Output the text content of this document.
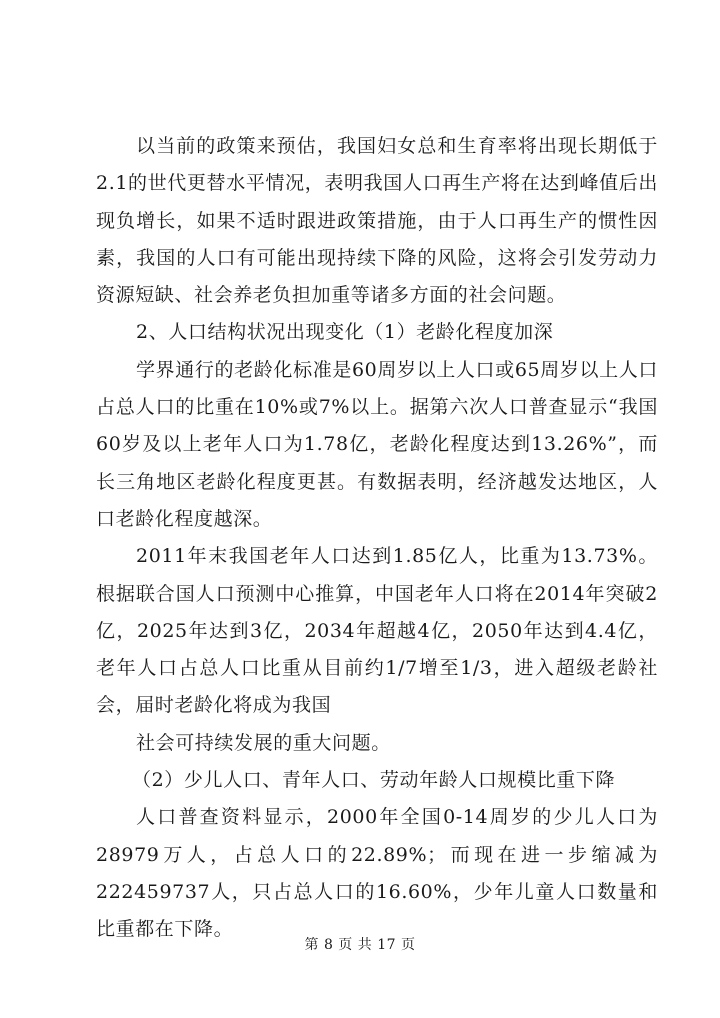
以当前的政策来预估，我国妇女总和生育率将出现长期低于2.1的世代更替水平情况，表明我国人口再生产将在达到峰值后出现负增长，如果不适时跟进政策措施，由于人口再生产的惯性因素，我国的人口有可能出现持续下降的风险，这将会引发劳动力资源短缺、社会养老负担加重等诸多方面的社会问题。

2、人口结构状况出现变化（1）老龄化程度加深

学界通行的老龄化标准是60周岁以上人口或65周岁以上人口占总人口的比重在10%或7%以上。据第六次人口普查显示“我国60岁及以上老年人口为1.78亿，老龄化程度达到13.26%”，而长三角地区老龄化程度更甚。有数据表明，经济越发达地区，人口老龄化程度越深。

2011年末我国老年人口达到1.85亿人，比重为13.73%。根据联合国人口预测中心推算，中国老年人口将在2014年突破2亿，2025年达到3亿，2034年超越4亿，2050年达到4.4亿，老年人口占总人口比重从目前约1/7增至1/3，进入超级老龄社会，届时老龄化将成为我国

社会可持续发展的重大问题。

（2）少儿人口、青年人口、劳动年龄人口规模比重下降

人口普查资料显示，2000年全国0-14周岁的少儿人口为28979万人，占总人口的22.89%；而现在进一步缩减为222459737人，只占总人口的16.60%，少年儿童人口数量和比重都在下降。

第 8 页 共 17 页
